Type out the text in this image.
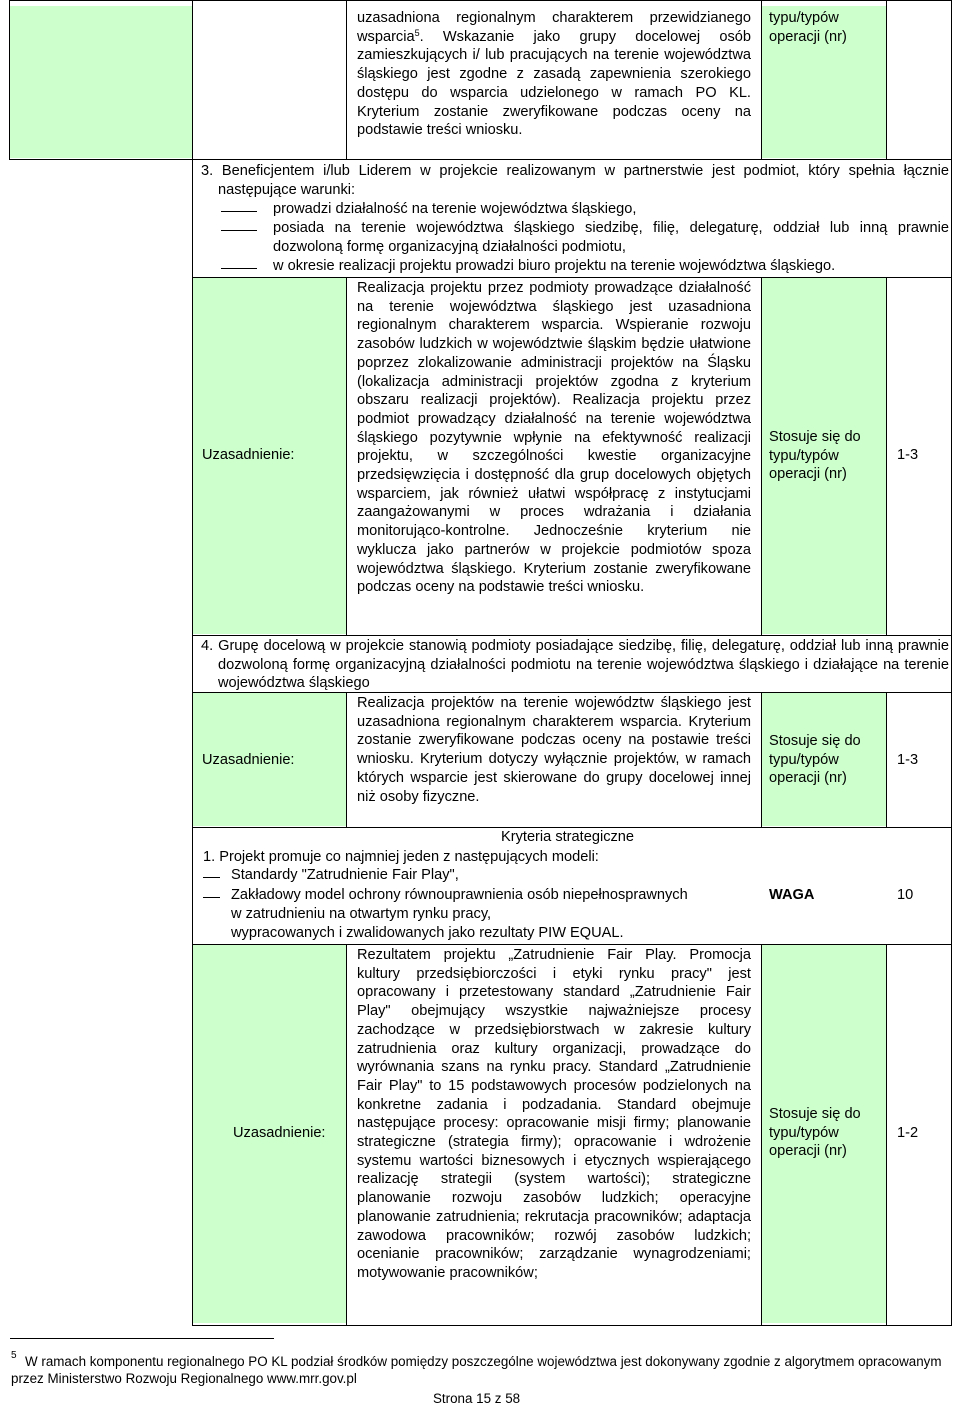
uzasadniona regionalnym charakterem przewidzianego wsparcia$^5$. Wskazanie jako grupy docelowej osób zamieszkujących i/ lub pracujących na terenie województwa śląskiego jest zgodne z zasadą zapewnienia szerokiego dostępu do wsparcia udzielonego w ramach PO KL. Kryterium zostanie zweryfikowane podczas oceny na podstawie treści wniosku.

typu/typów operacji (nr)

3. Beneficjentem i/lub Liderem w projekcie realizowanym w partnerstwie jest podmiot, który spełnia łącznie następujące warunki:

prowadzi działalność na terenie województwa śląskiego,

posiada na terenie województwa śląskiego siedzibę, filię, delegaturę, oddział lub inną prawnie dozwoloną formę organizacyjną działalności podmiotu,

w okresie realizacji projektu prowadzi biuro projektu na terenie województwa śląskiego.

Uzasadnienie:

Realizacja projektu przez podmioty prowadzące działalność na terenie województwa śląskiego jest uzasadniona regionalnym charakterem wsparcia. Wspieranie rozwoju zasobów ludzkich w województwie śląskim będzie ułatwione poprzez zlokalizowanie administracji projektów na Śląsku (lokalizacja administracji projektów zgodna z kryterium obszaru realizacji projektów). Realizacja projektu przez podmiot prowadzący działalność na terenie województwa śląskiego pozytywnie wpłynie na efektywność realizacji projektu, w szczególności kwestie organizacyjne przedsięwzięcia i dostępność dla grup docelowych objętych wsparciem, jak również ułatwi współpracę z instytucjami zaangażowanymi w proces wdrażania i działania monitorująco-kontrolne. Jednocześnie kryterium nie wyklucza jako partnerów w projekcie podmiotów spoza województwa śląskiego. Kryterium zostanie zweryfikowane podczas oceny na podstawie treści wniosku.

Stosuje się do typu/typów operacji (nr)

1-3

4. Grupę docelową w projekcie stanowią podmioty posiadające siedzibę, filię, delegaturę, oddział lub inną prawnie dozwoloną formę organizacyjną działalności podmiotu na terenie województwa śląskiego i działające na terenie województwa śląskiego

Uzasadnienie:

Realizacja projektów na terenie województw śląskiego jest uzasadniona regionalnym charakterem wsparcia. Kryterium zostanie zweryfikowane podczas oceny na postawie treści wniosku. Kryterium dotyczy wyłącznie projektów, w ramach których wsparcie jest skierowane do grupy docelowej innej niż osoby fizyczne.

Stosuje się do typu/typów operacji (nr)

1-3

Kryteria strategiczne

1. Projekt promuje co najmniej jeden z następujących modeli:

Standardy "Zatrudnienie Fair Play",

Zakładowy model ochrony równouprawnienia osób niepełnosprawnych

w zatrudnieniu na otwartym rynku pracy,

wypracowanych i zwalidowanych jako rezultaty PIW EQUAL.

WAGA	10

Uzasadnienie:

Rezultatem projektu „Zatrudnienie Fair Play. Promocja kultury przedsiębiorczości i etyki rynku pracy" jest opracowany i przetestowany standard „Zatrudnienie Fair Play" obejmujący wszystkie najważniejsze procesy zachodzące w przedsiębiorstwach w zakresie kultury zatrudnienia oraz kultury organizacji, prowadzące do wyrównania szans na rynku pracy. Standard „Zatrudnienie Fair Play" to 15 podstawowych procesów podzielonych na konkretne zadania i podzadania. Standard obejmuje następujące procesy: opracowanie misji firmy; planowanie strategiczne (strategia firmy); opracowanie i wdrożenie systemu wartości biznesowych i etycznych wspierającego realizację strategii (system wartości); strategiczne planowanie rozwoju zasobów ludzkich; operacyjne planowanie zatrudnienia; rekrutacja pracowników; adaptacja zawodowa pracowników; rozwój zasobów ludzkich; ocenianie pracowników; zarządzanie wynagrodzeniami; motywowanie pracowników;

Stosuje się do typu/typów operacji (nr)

1-2

5 W ramach komponentu regionalnego PO KL podział środków pomiędzy poszczególne województwa jest dokonywany zgodnie z algorytmem opracowanym przez Ministerstwo Rozwoju Regionalnego www.mrr.gov.pl

Strona 15 z 58
